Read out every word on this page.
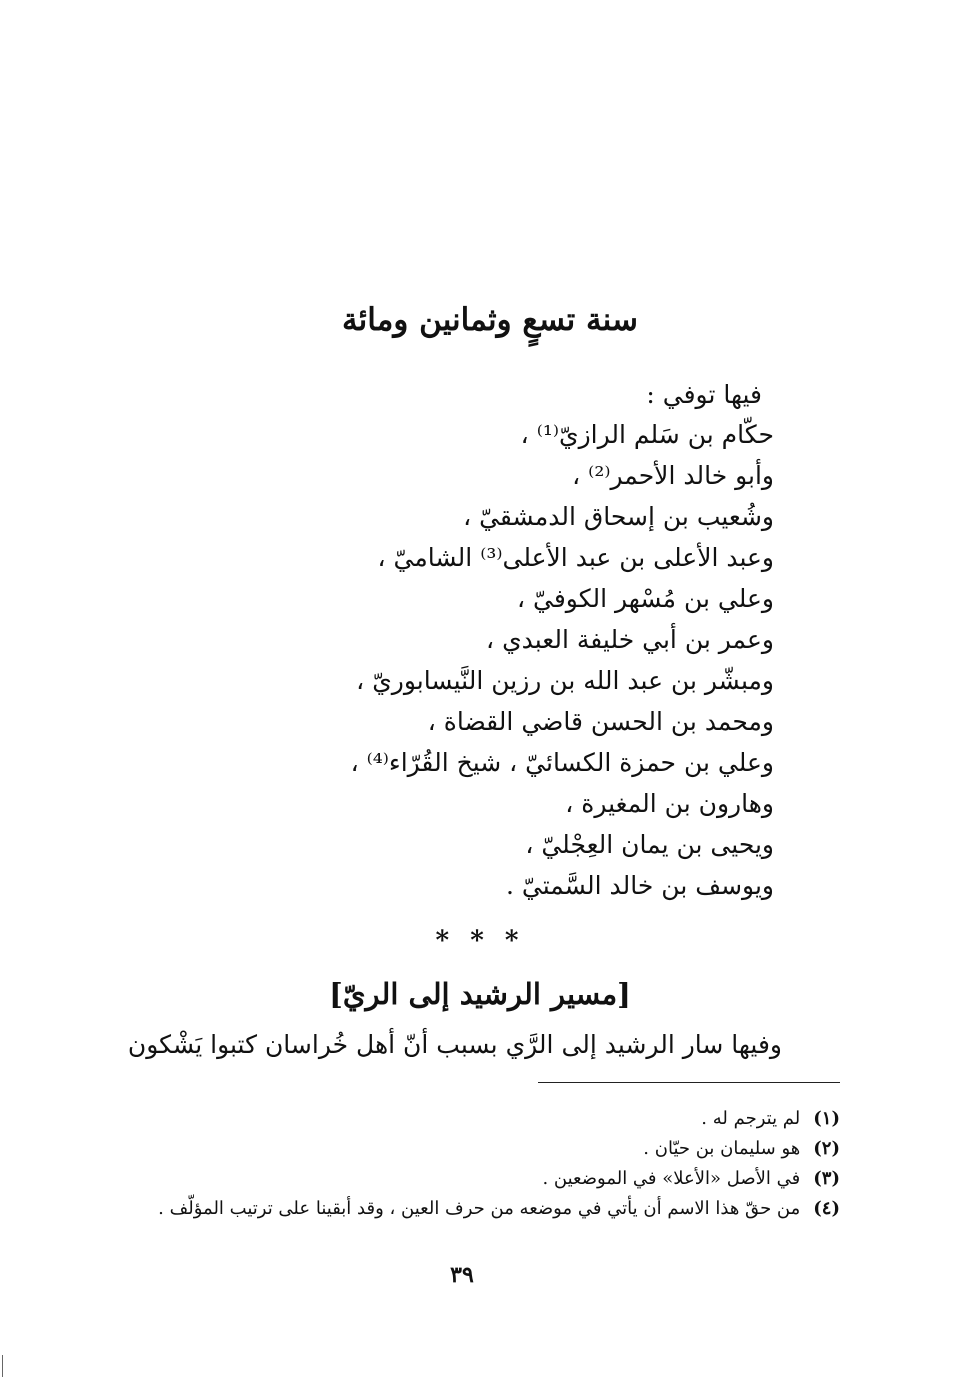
سنة تسعٍ وثمانين ومائة
فيها توفي :
حكّام بن سَلم الرازيّ⁽¹⁾ ،
وأبو خالد الأحمر⁽²⁾ ،
وشُعيب بن إسحاق الدمشقيّ ،
وعبد الأعلى بن عبد الأعلى⁽³⁾ الشاميّ ،
وعلي بن مُسْهر الكوفيّ ،
وعمر بن أبي خليفة العبدي ،
ومبشّر بن عبد الله بن رزين النَّيسابوريّ ،
ومحمد بن الحسن قاضي القضاة ،
وعلي بن حمزة الكسائيّ ، شيخ القُرّاء⁽⁴⁾ ،
وهارون بن المغيرة ،
ويحيى بن يمان العِجْليّ ،
ويوسف بن خالد السَّمتيّ .
* * *
[مسير الرشيد إلى الريّ]
وفيها سار الرشيد إلى الرَّي بسبب أنّ أهل خُراسان كتبوا يَشْكون
(١) لم يترجم له .
(٢) هو سليمان بن حيّان .
(٣) في الأصل «الأعلا» في الموضعين .
(٤) من حقّ هذا الاسم أن يأتي في موضعه من حرف العين ، وقد أبقينا على ترتيب المؤلّف .
٣٩
